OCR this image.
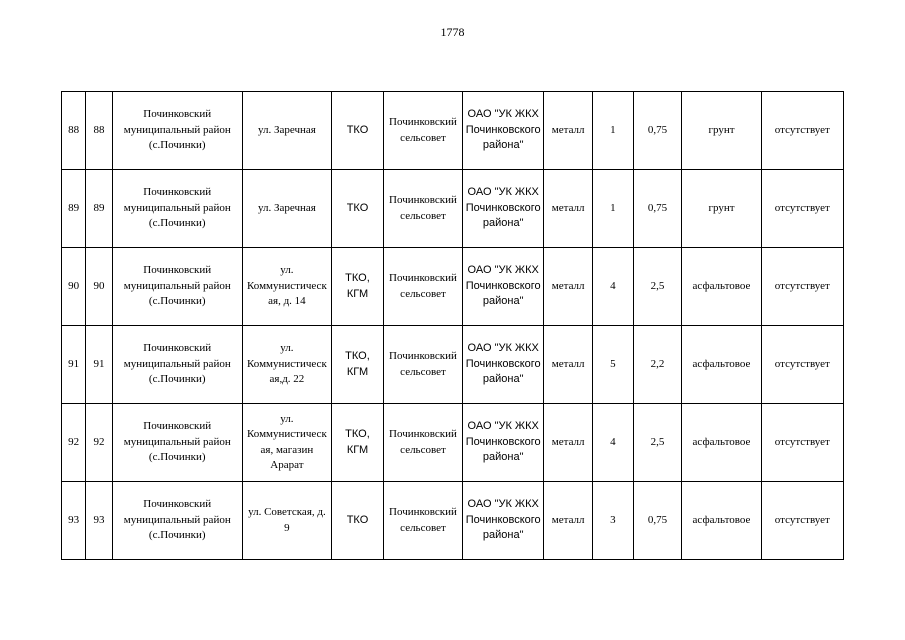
1778
88	88	Починковский муниципальный район (с.Починки)	ул. Заречная	ТКО	Починковский сельсовет	ОАО "УК ЖКХ Починковского района"	металл	1	0,75	грунт	отсутствует
89	89	Починковский муниципальный район (с.Починки)	ул. Заречная	ТКО	Починковский сельсовет	ОАО "УК ЖКХ Починковского района"	металл	1	0,75	грунт	отсутствует
90	90	Починковский муниципальный район (с.Починки)	ул. Коммунистическая, д. 14	ТКО, КГМ	Починковский сельсовет	ОАО "УК ЖКХ Починковского района"	металл	4	2,5	асфальтовое	отсутствует
91	91	Починковский муниципальный район (с.Починки)	ул. Коммунистическая,д. 22	ТКО, КГМ	Починковский сельсовет	ОАО "УК ЖКХ Починковского района"	металл	5	2,2	асфальтовое	отсутствует
92	92	Починковский муниципальный район (с.Починки)	ул. Коммунистическая, магазин Арарат	ТКО, КГМ	Починковский сельсовет	ОАО "УК ЖКХ Починковского района"	металл	4	2,5	асфальтовое	отсутствует
93	93	Починковский муниципальный район (с.Починки)	ул. Советская, д. 9	ТКО	Починковский сельсовет	ОАО "УК ЖКХ Починковского района"	металл	3	0,75	асфальтовое	отсутствует
